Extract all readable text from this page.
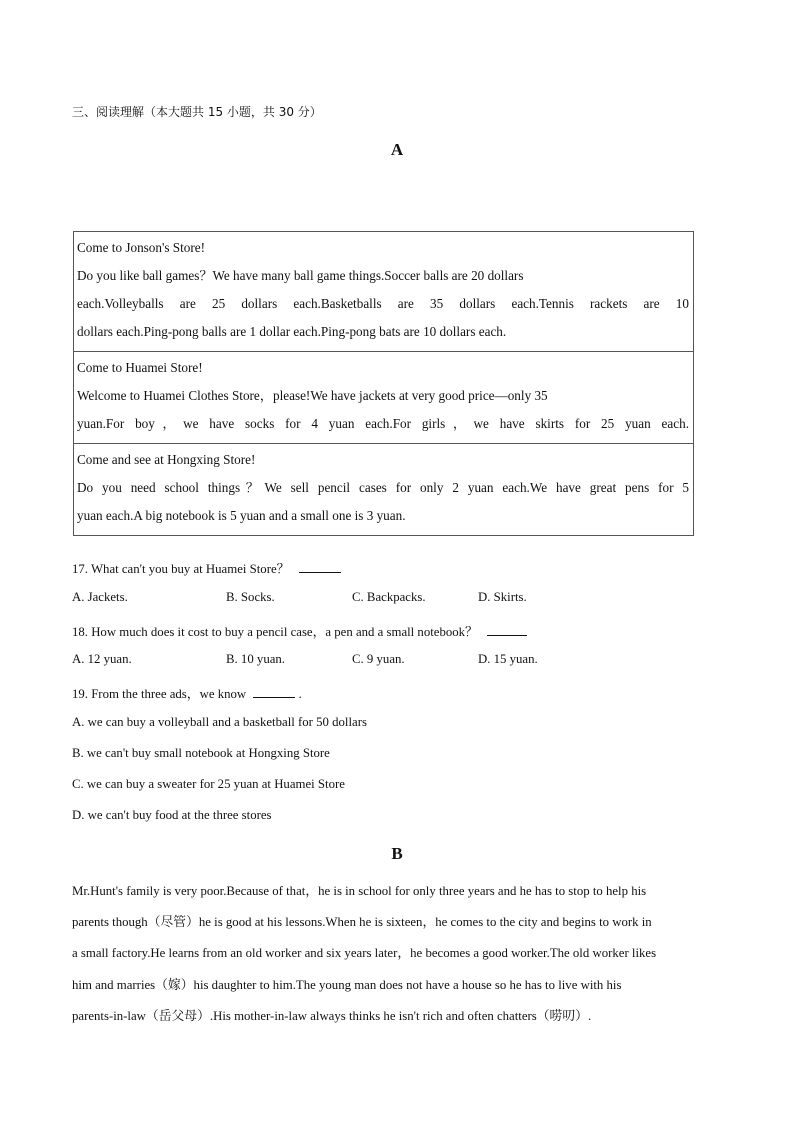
三、阅读理解（本大题共 15 小题，共 30 分）
A
Come to Jonson's Store!
Do you like ball games？We have many ball game things.Soccer balls are 20 dollars
each.Volleyballs are 25 dollars each.Basketballs are 35 dollars each.Tennis rackets are 10
dollars each.Ping-pong balls are 1 dollar each.Ping-pong bats are 10 dollars each.
Come to Huamei Store!
Welcome to Huamei Clothes Store，please!We have jackets at very good price—only 35
yuan.For boy，we have socks for 4 yuan each.For girls，we have skirts for 25 yuan each.
Come and see at Hongxing Store!
Do you need school things？We sell pencil cases for only 2 yuan each.We have great pens for 5
yuan each.A big notebook is 5 yuan and a small one is 3 yuan.
17. What can't you buy at Huamei Store？
A. Jackets.	B. Socks.	C. Backpacks.	D. Skirts.
18. How much does it cost to buy a pencil case，a pen and a small notebook？
A. 12 yuan.	B. 10 yuan.	C. 9 yuan.	D. 15 yuan.
19. From the three ads，we know	.
A. we can buy a volleyball and a basketball for 50 dollars
B. we can't buy small notebook at Hongxing Store
C. we can buy a sweater for 25 yuan at Huamei Store
D. we can't buy food at the three stores
B
Mr.Hunt's family is very poor.Because of that，he is in school for only three years and he has to stop to help his
parents though（尽管）he is good at his lessons.When he is sixteen，he comes to the city and begins to work in
a small factory.He learns from an old worker and six years later，he becomes a good worker.The old worker likes
him and marries（嫁）his daughter to him.The young man does not have a house so he has to live with his
parents-in-law（岳父母）.His mother-in-law always thinks he isn't rich and often chatters（唠叨）.
